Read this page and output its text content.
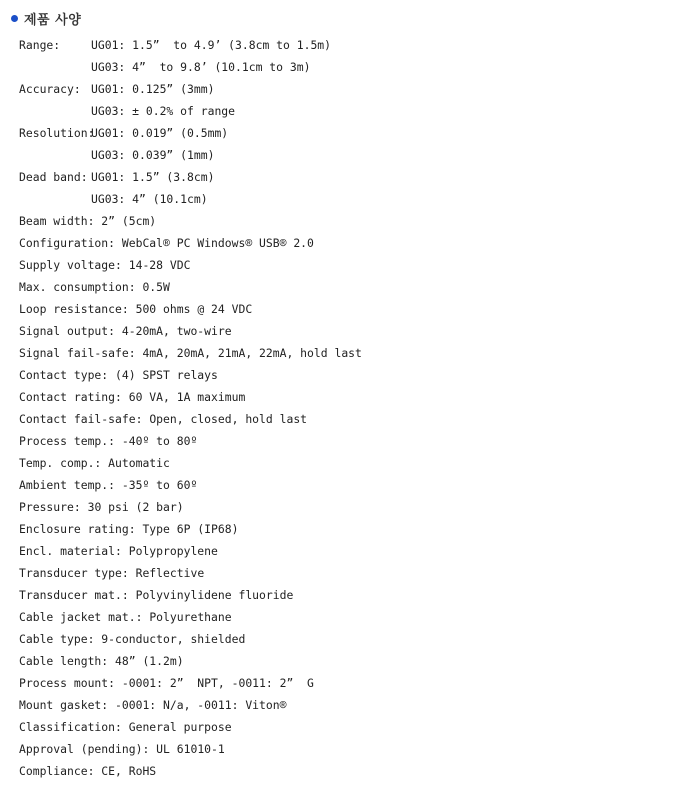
제품 사양
Range:	UG01: 1.5”  to 4.9’ (3.8cm to 1.5m)
UG03: 4”  to 9.8’ (10.1cm to 3m)
Accuracy: UG01: 0.125” (3mm)
UG03: ± 0.2% of range
Resolution:
UG01: 0.019” (0.5mm)
UG03: 0.039” (1mm)
Dead band: UG01: 1.5” (3.8cm)
UG03: 4” (10.1cm)
Beam width:
2” (5cm)
Configuration:
WebCal® PC Windows® USB® 2.0
Supply voltage:
14-28 VDC
Max. consumption:
0.5W
Loop resistance:
500 ohms @ 24 VDC
Signal output:
4-20mA, two-wire
Signal fail-safe:
4mA, 20mA, 21mA, 22mA, hold last
Contact type:
(4) SPST relays
Contact rating:
60 VA, 1A maximum
Contact fail-safe:
Open, closed, hold last
Process temp.:
-40º to 80º
Temp. comp.:
Automatic
Ambient temp.:
-35º to 60º
Pressure:
30 psi (2 bar)
Enclosure rating:
Type 6P (IP68)
Encl. material:
Polypropylene
Transducer type:
Reflective
Transducer mat.:
Polyvinylidene fluoride
Cable jacket mat.:
Polyurethane
Cable type:
9-conductor, shielded
Cable length:
48” (1.2m)
Process mount:
-0001: 2”  NPT, -0011: 2”  G
Mount gasket:
-0001: N/a, -0011: Viton®
Classification:
General purpose
Approval (pending):
UL 61010-1
Compliance:
CE, RoHS
